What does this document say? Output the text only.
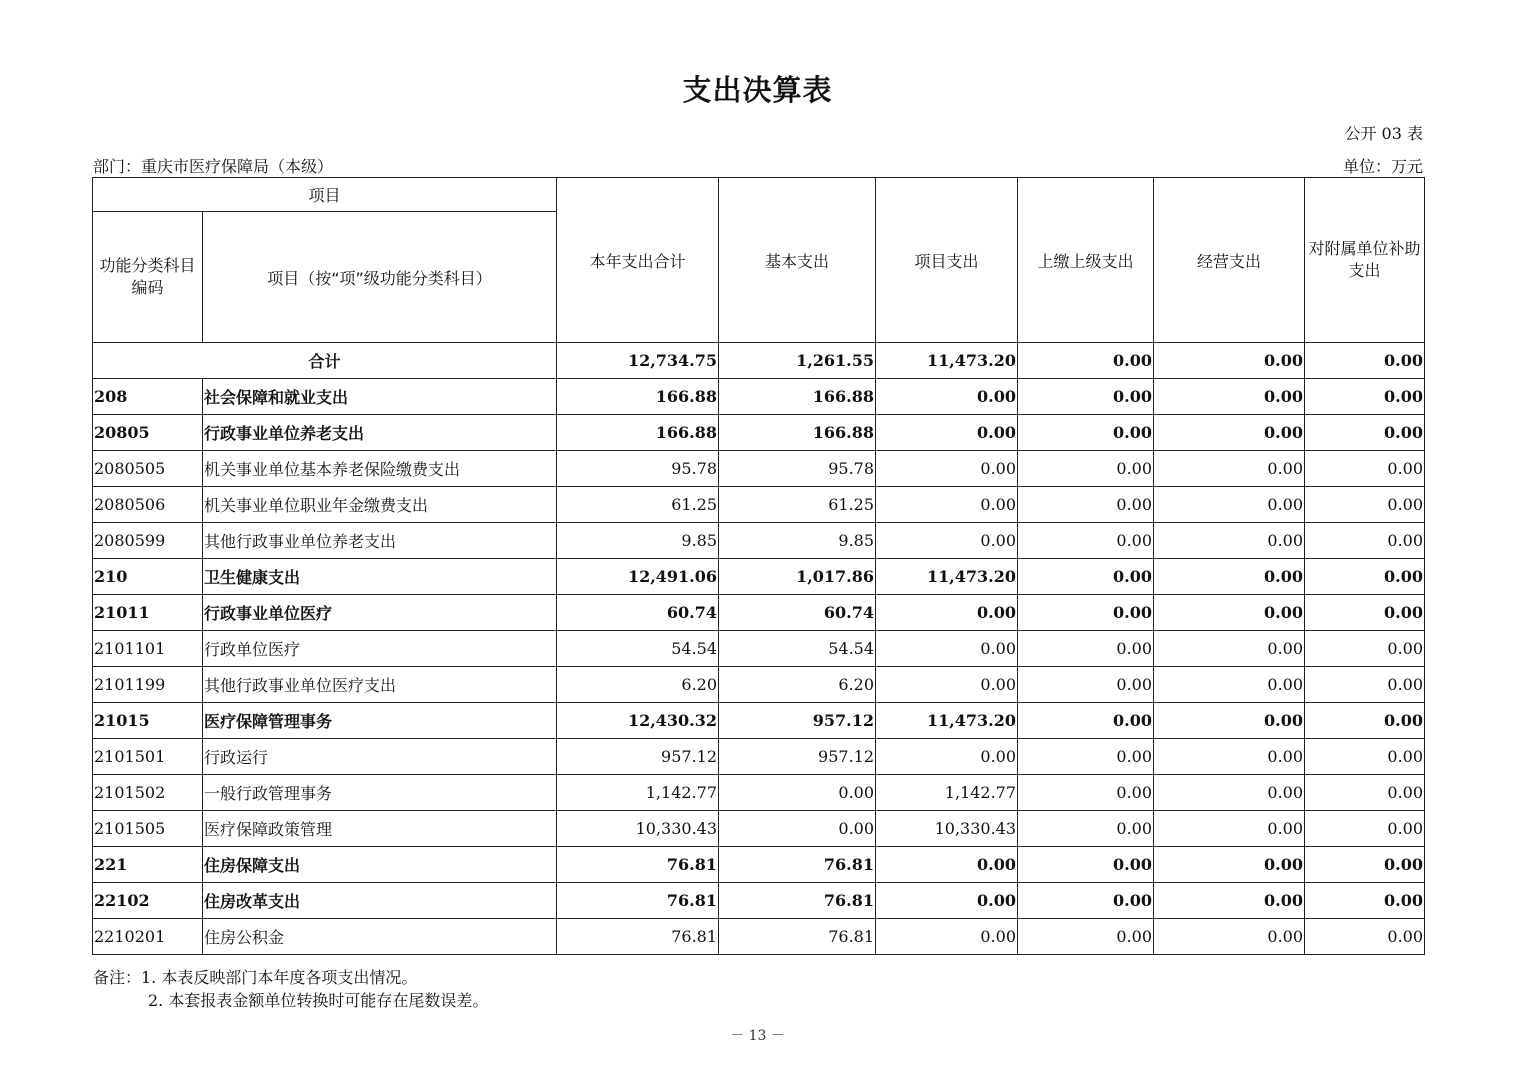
支出决算表
公开 03 表
部门：重庆市医疗保障局（本级）	单位：万元
项目		本年支出合计	基本支出	项目支出	上缴上级支出	经营支出	对附属单位补助支出
功能分类科目编码	项目（按“项”级功能分类科目）						
合计		12,734.75	1,261.55	11,473.20	0.00	0.00	0.00
208	社会保障和就业支出	166.88	166.88	0.00	0.00	0.00	0.00
20805	行政事业单位养老支出	166.88	166.88	0.00	0.00	0.00	0.00
2080505	机关事业单位基本养老保险缴费支出	95.78	95.78	0.00	0.00	0.00	0.00
2080506	机关事业单位职业年金缴费支出	61.25	61.25	0.00	0.00	0.00	0.00
2080599	其他行政事业单位养老支出	9.85	9.85	0.00	0.00	0.00	0.00
210	卫生健康支出	12,491.06	1,017.86	11,473.20	0.00	0.00	0.00
21011	行政事业单位医疗	60.74	60.74	0.00	0.00	0.00	0.00
2101101	行政单位医疗	54.54	54.54	0.00	0.00	0.00	0.00
2101199	其他行政事业单位医疗支出	6.20	6.20	0.00	0.00	0.00	0.00
21015	医疗保障管理事务	12,430.32	957.12	11,473.20	0.00	0.00	0.00
2101501	行政运行	957.12	957.12	0.00	0.00	0.00	0.00
2101502	一般行政管理事务	1,142.77	0.00	1,142.77	0.00	0.00	0.00
2101505	医疗保障政策管理	10,330.43	0.00	10,330.43	0.00	0.00	0.00
221	住房保障支出	76.81	76.81	0.00	0.00	0.00	0.00
22102	住房改革支出	76.81	76.81	0.00	0.00	0.00	0.00
2210201	住房公积金	76.81	76.81	0.00	0.00	0.00	0.00
备注：1. 本表反映部门本年度各项支出情况。
2. 本套报表金额单位转换时可能存在尾数误差。
－ 13 －
